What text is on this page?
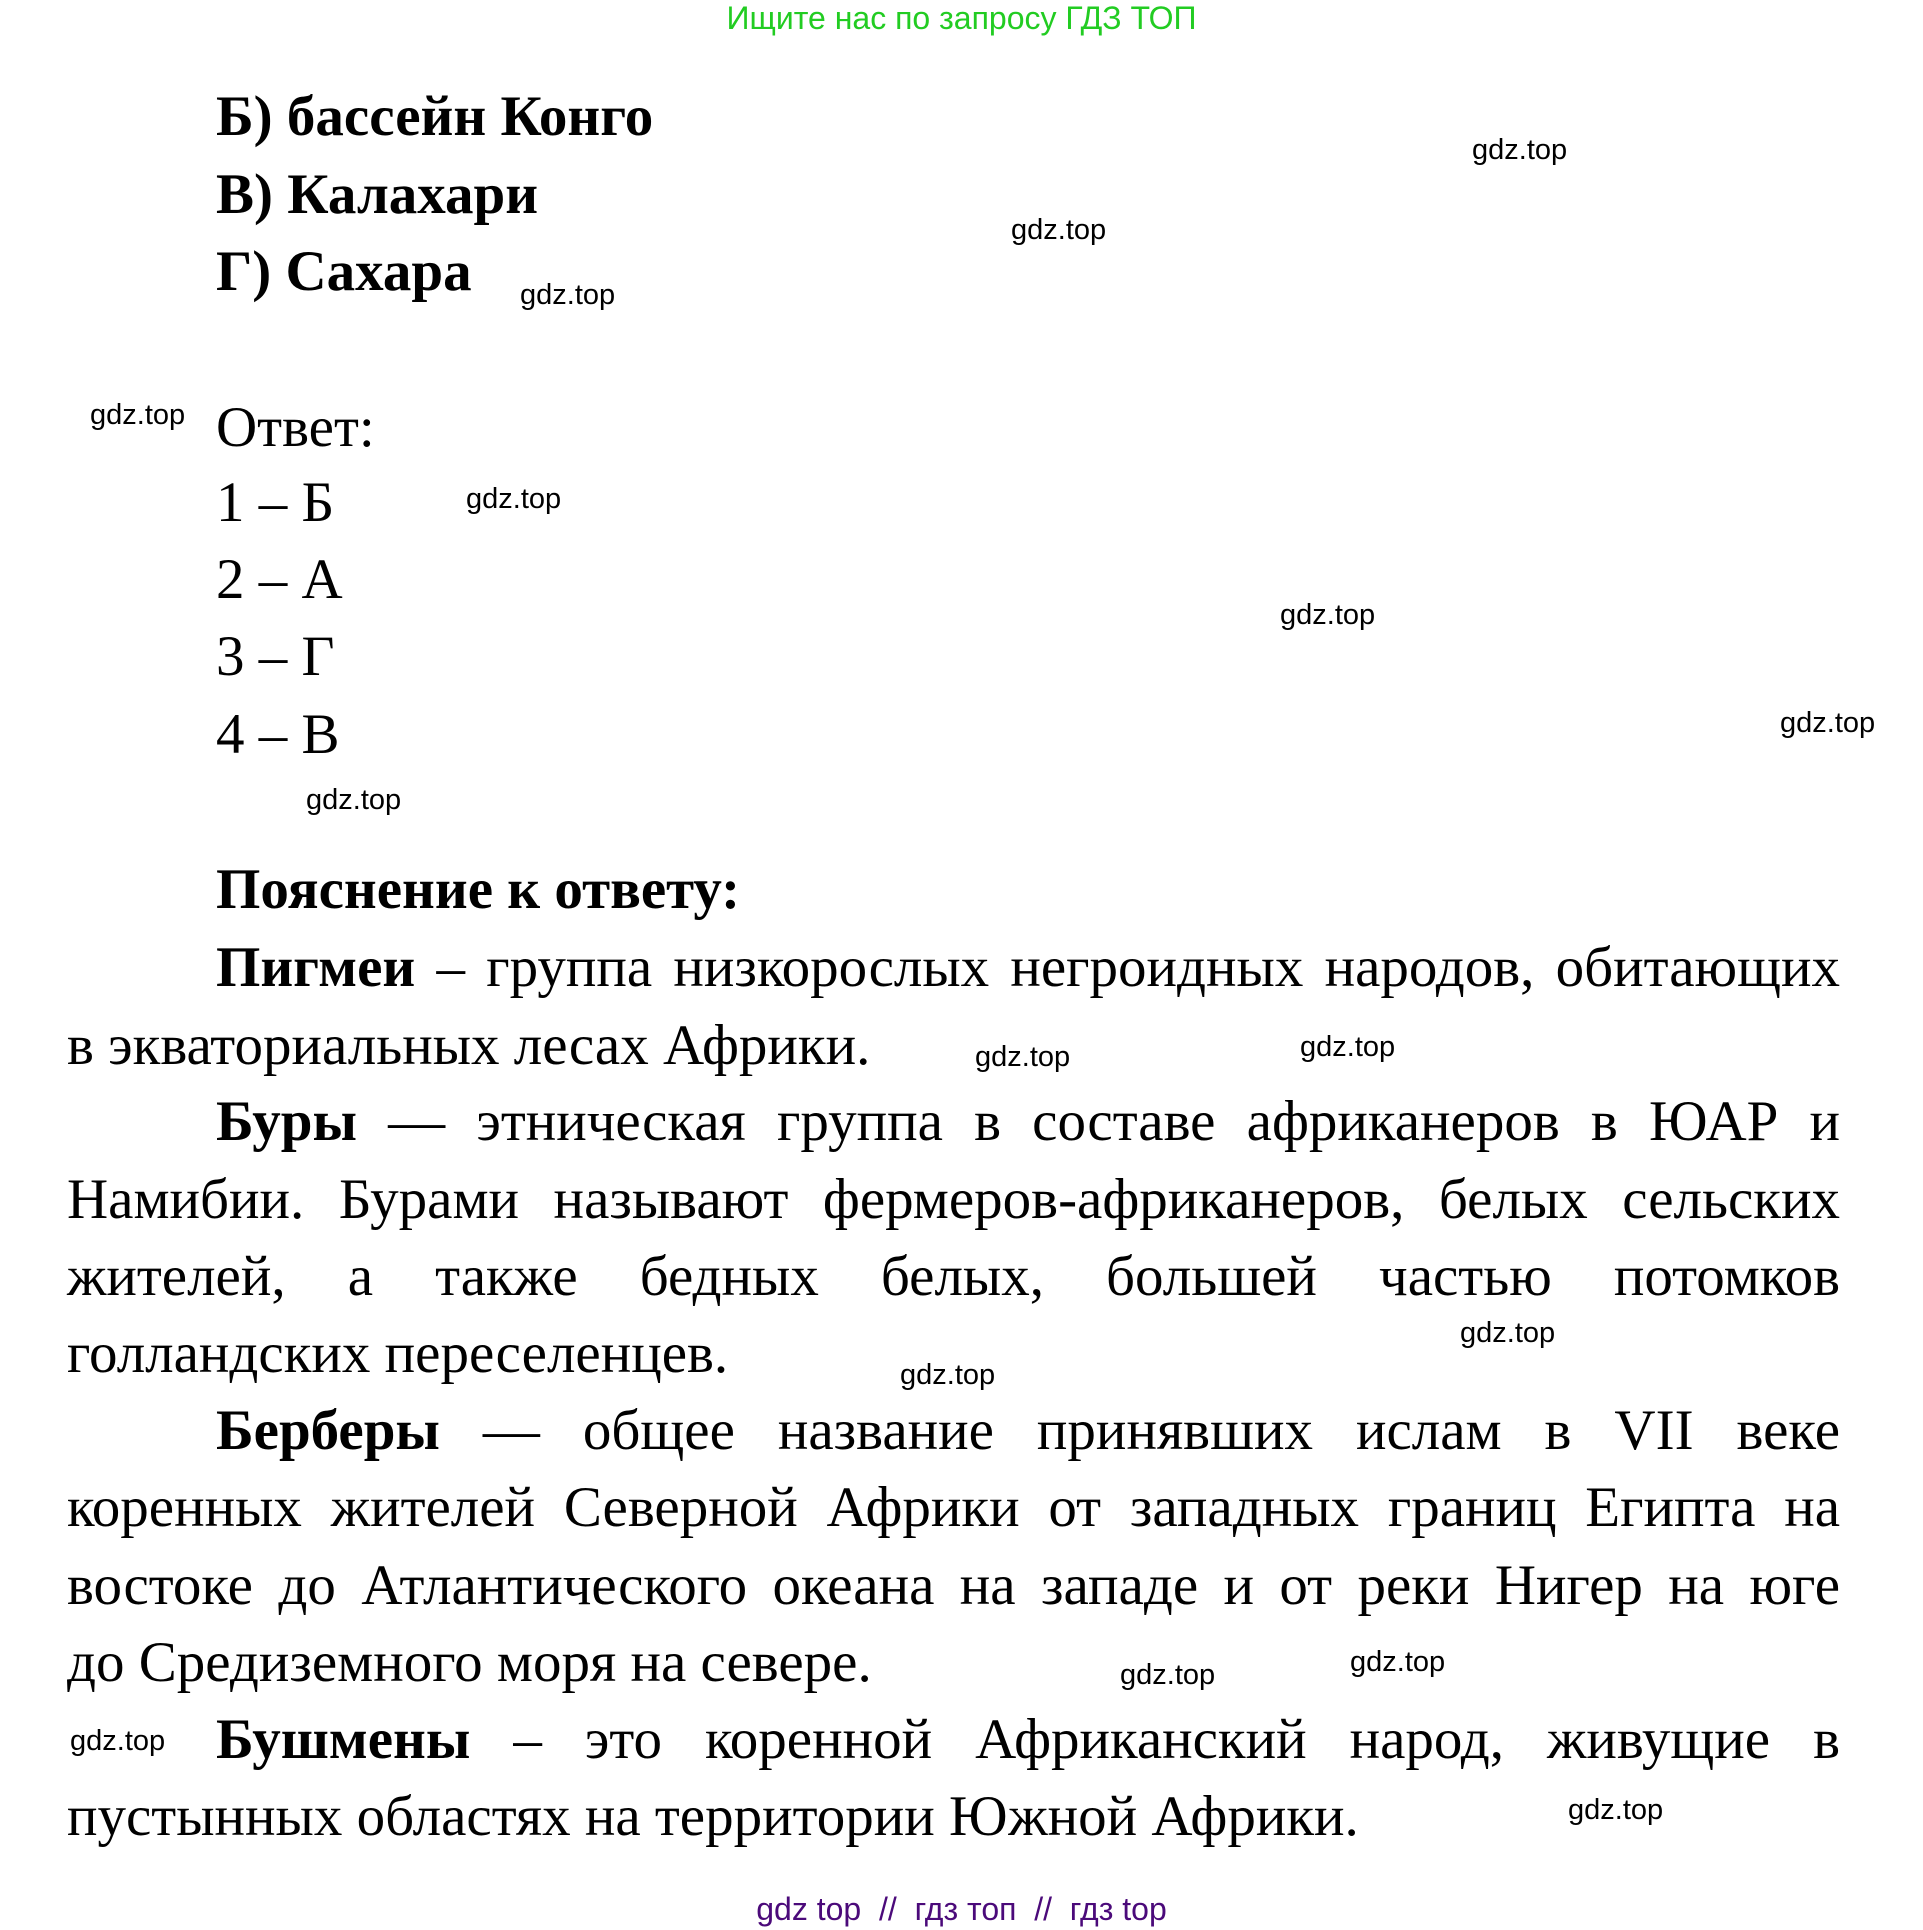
Ищите нас по запросу ГДЗ ТОП
Б) бассейн Конго
В) Калахари
Г) Сахара
Ответ:
1 – Б
2 – А
3 – Г
4 – В
Пояснение к ответу:
Пигмеи – группа низкорослых негроидных народов, обитающих
в экваториальных лесах Африки.
Буры — этническая группа в составе африканеров в ЮАР и
Намибии. Бурами называют фермеров-африканеров, белых сельских
жителей, а также бедных белых, большей частью потомков
голландских переселенцев.
Берберы — общее название принявших ислам в VII веке
коренных жителей Северной Африки от западных границ Египта на
востоке до Атлантического океана на западе и от реки Нигер на юге
до Средиземного моря на севере.
Бушмены – это коренной Африканский народ, живущие в
пустынных областях на территории Южной Африки.
gdz.top
gdz.top
gdz.top
gdz.top
gdz.top
gdz.top
gdz.top
gdz.top
gdz.top
gdz.top
gdz.top
gdz.top
gdz.top
gdz.top
gdz.top
gdz.top
gdz top  //  гдз топ  //  гдз top
